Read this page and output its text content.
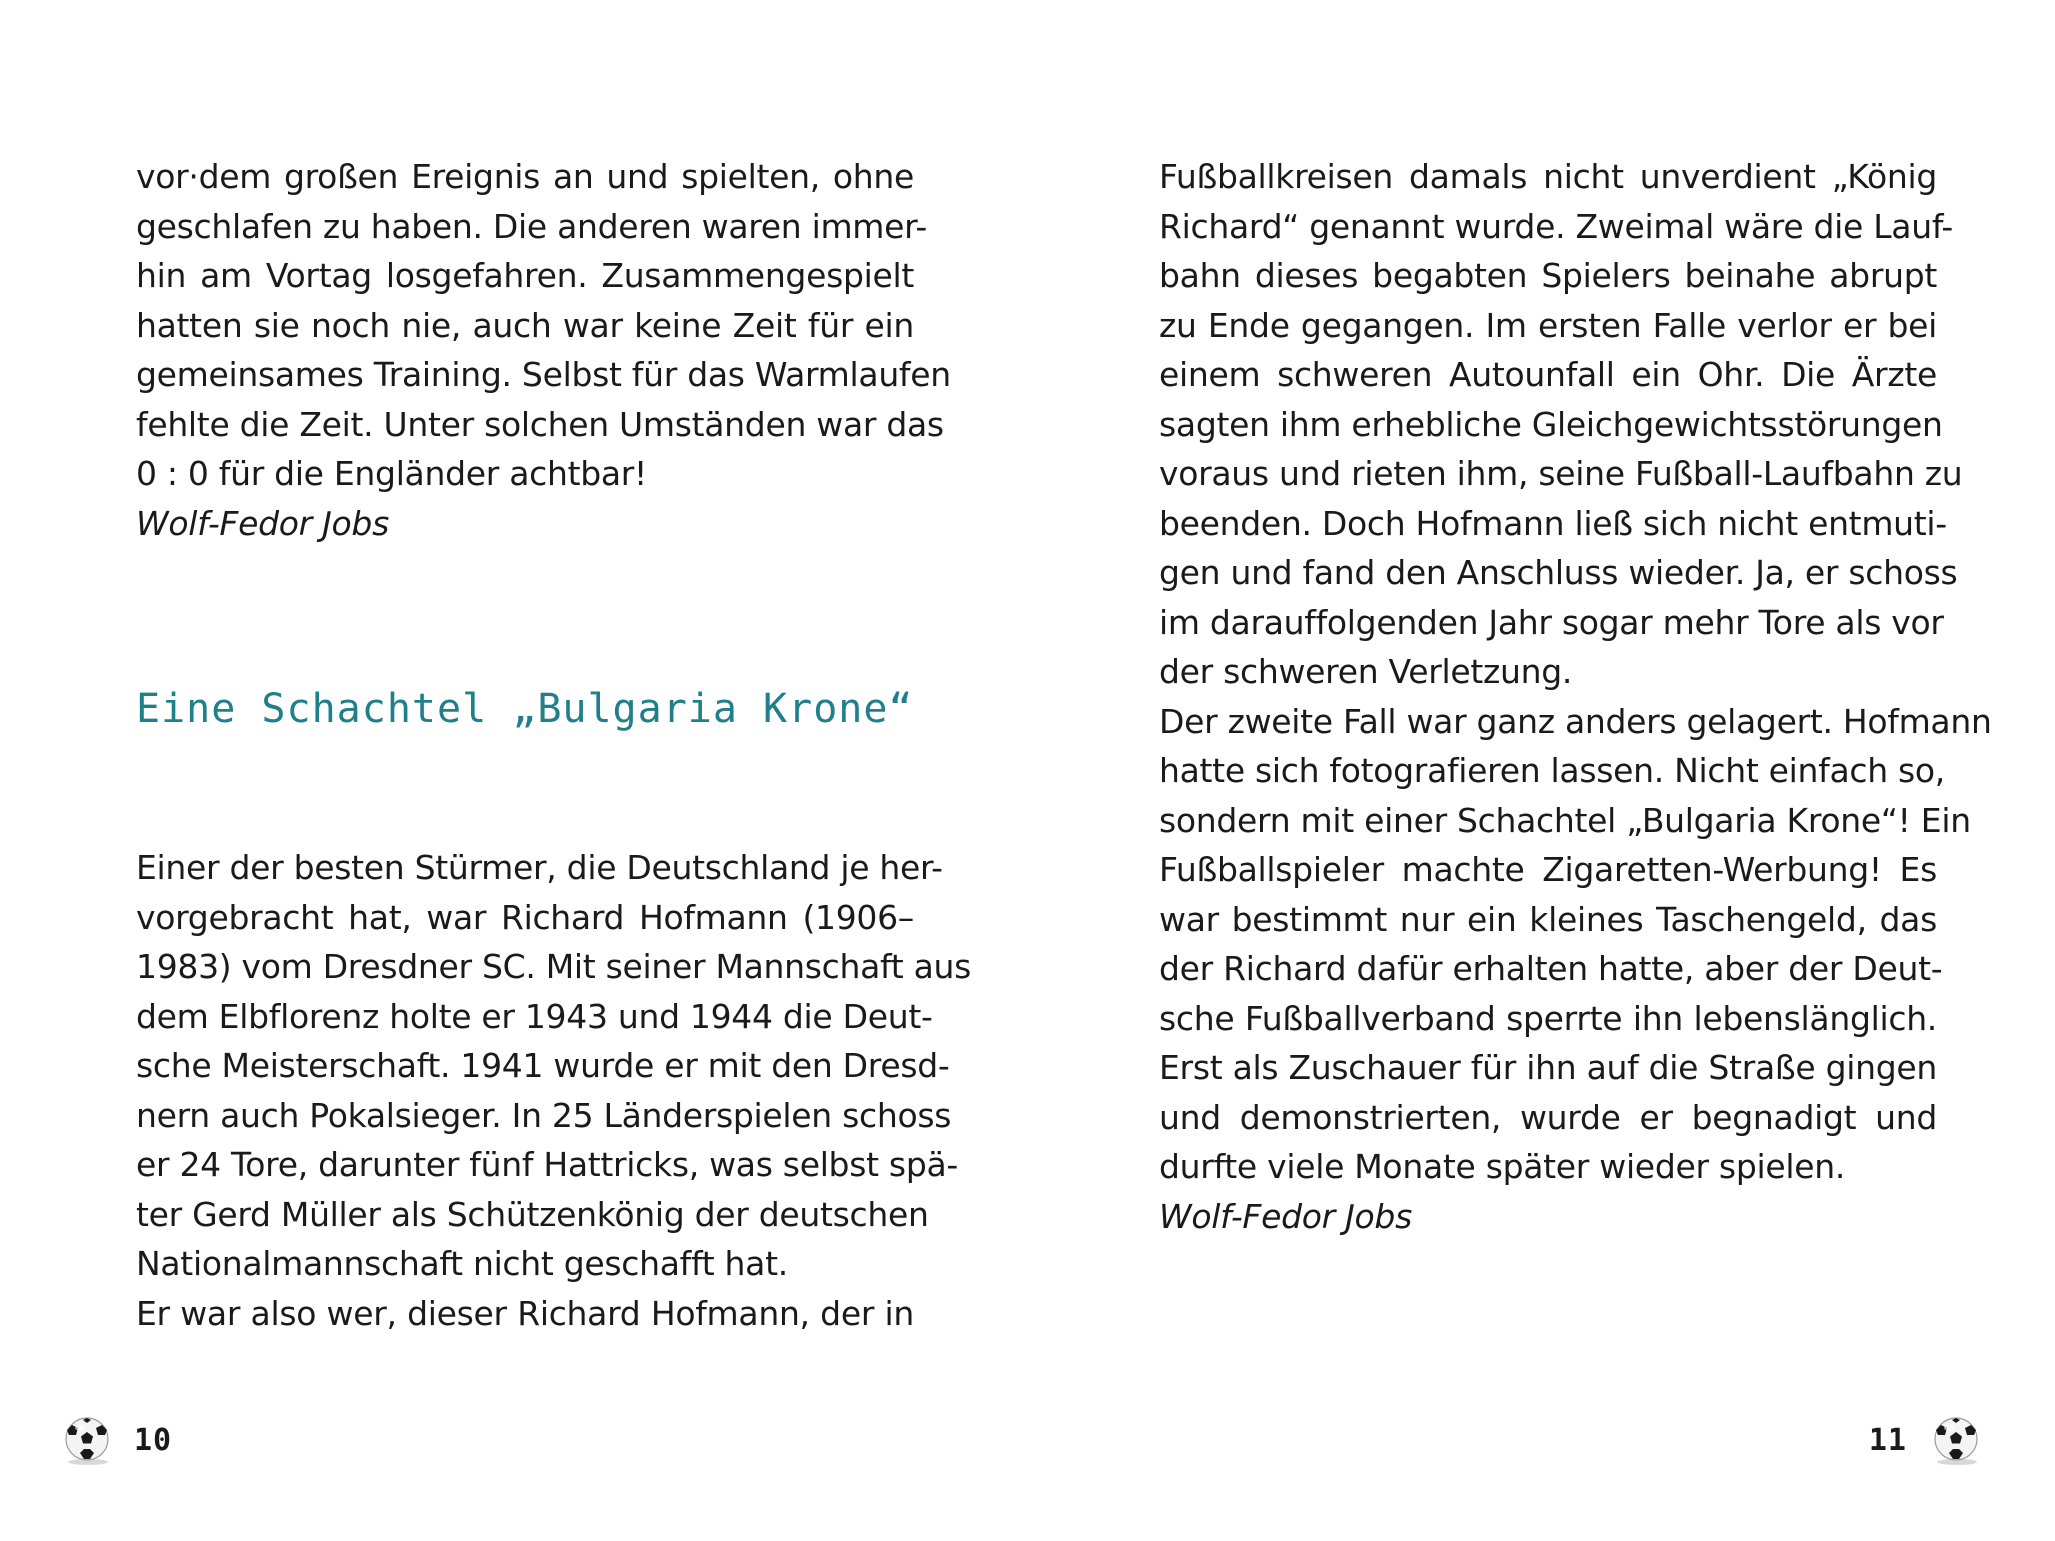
vor·dem großen Ereignis an und spielten, ohne
geschlafen zu haben. Die anderen waren immer-
hin am Vortag losgefahren. Zusammengespielt
hatten sie noch nie, auch war keine Zeit für ein
gemeinsames Training. Selbst für das Warmlaufen
fehlte die Zeit. Unter solchen Umständen war das
0 : 0 für die Engländer achtbar!
Wolf-Fedor Jobs

Eine Schachtel „Bulgaria Krone“

Einer der besten Stürmer, die Deutschland je her-
vorgebracht hat, war Richard Hofmann (1906–
1983) vom Dresdner SC. Mit seiner Mannschaft aus
dem Elbflorenz holte er 1943 und 1944 die Deut-
sche Meisterschaft. 1941 wurde er mit den Dresd-
nern auch Pokalsieger. In 25 Länderspielen schoss
er 24 Tore, darunter fünf Hattricks, was selbst spä-
ter Gerd Müller als Schützenkönig der deutschen
Nationalmannschaft nicht geschafft hat.
Er war also wer, dieser Richard Hofmann, der in

10

Fußballkreisen damals nicht unverdient „König
Richard“ genannt wurde. Zweimal wäre die Lauf-
bahn dieses begabten Spielers beinahe abrupt
zu Ende gegangen. Im ersten Falle verlor er bei
einem schweren Autounfall ein Ohr. Die Ärzte
sagten ihm erhebliche Gleichgewichtsstörungen
voraus und rieten ihm, seine Fußball-Laufbahn zu
beenden. Doch Hofmann ließ sich nicht entmuti-
gen und fand den Anschluss wieder. Ja, er schoss
im darauffolgenden Jahr sogar mehr Tore als vor
der schweren Verletzung.

Der zweite Fall war ganz anders gelagert. Hofmann
hatte sich fotografieren lassen. Nicht einfach so,
sondern mit einer Schachtel „Bulgaria Krone“! Ein
Fußballspieler machte Zigaretten-Werbung! Es
war bestimmt nur ein kleines Taschengeld, das
der Richard dafür erhalten hatte, aber der Deut-
sche Fußballverband sperrte ihn lebenslänglich.
Erst als Zuschauer für ihn auf die Straße gingen
und demonstrierten, wurde er begnadigt und
durfte viele Monate später wieder spielen.
Wolf-Fedor Jobs

11
